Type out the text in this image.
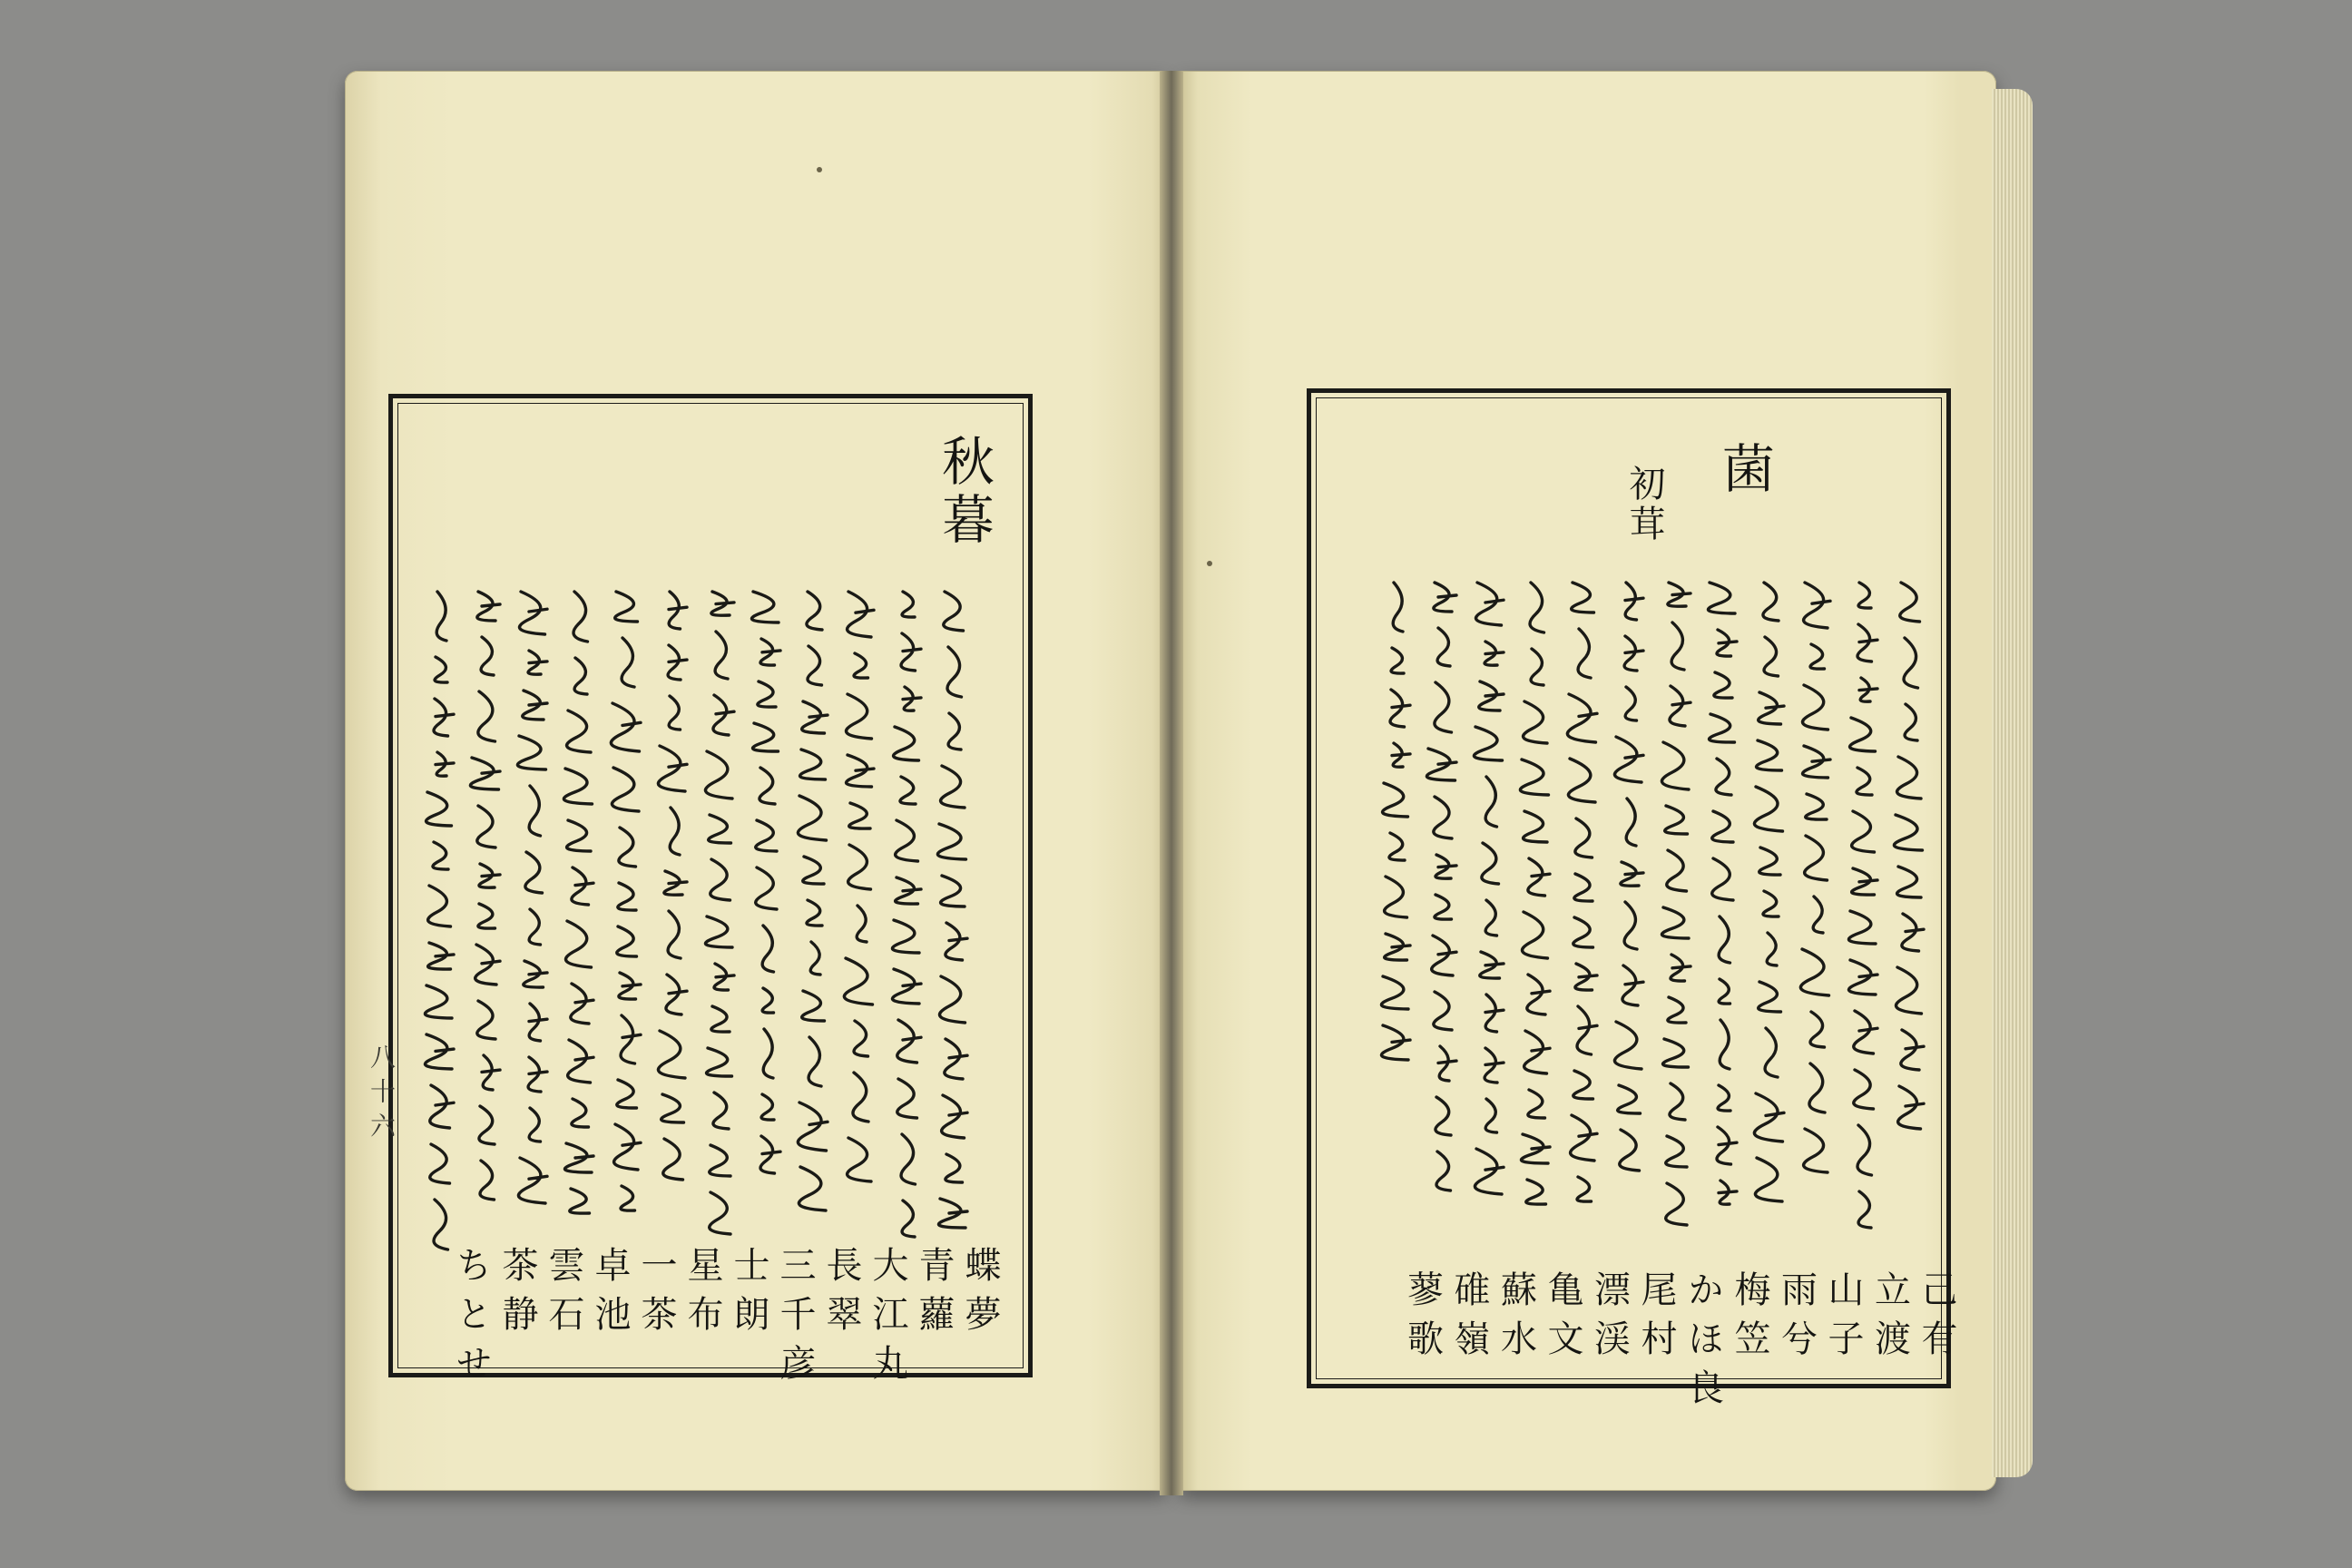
秋暮
八十六
蝶夢
青蘿
大江丸
長翠
三千彦
士朗
星布
一茶
卓池
雲石
茶静
ちとせ
菌
初茸
己有
立渡
山子
雨兮
梅笠
かほ良
尾村
漂渓
亀文
蘇水
碓嶺
蓼歌
